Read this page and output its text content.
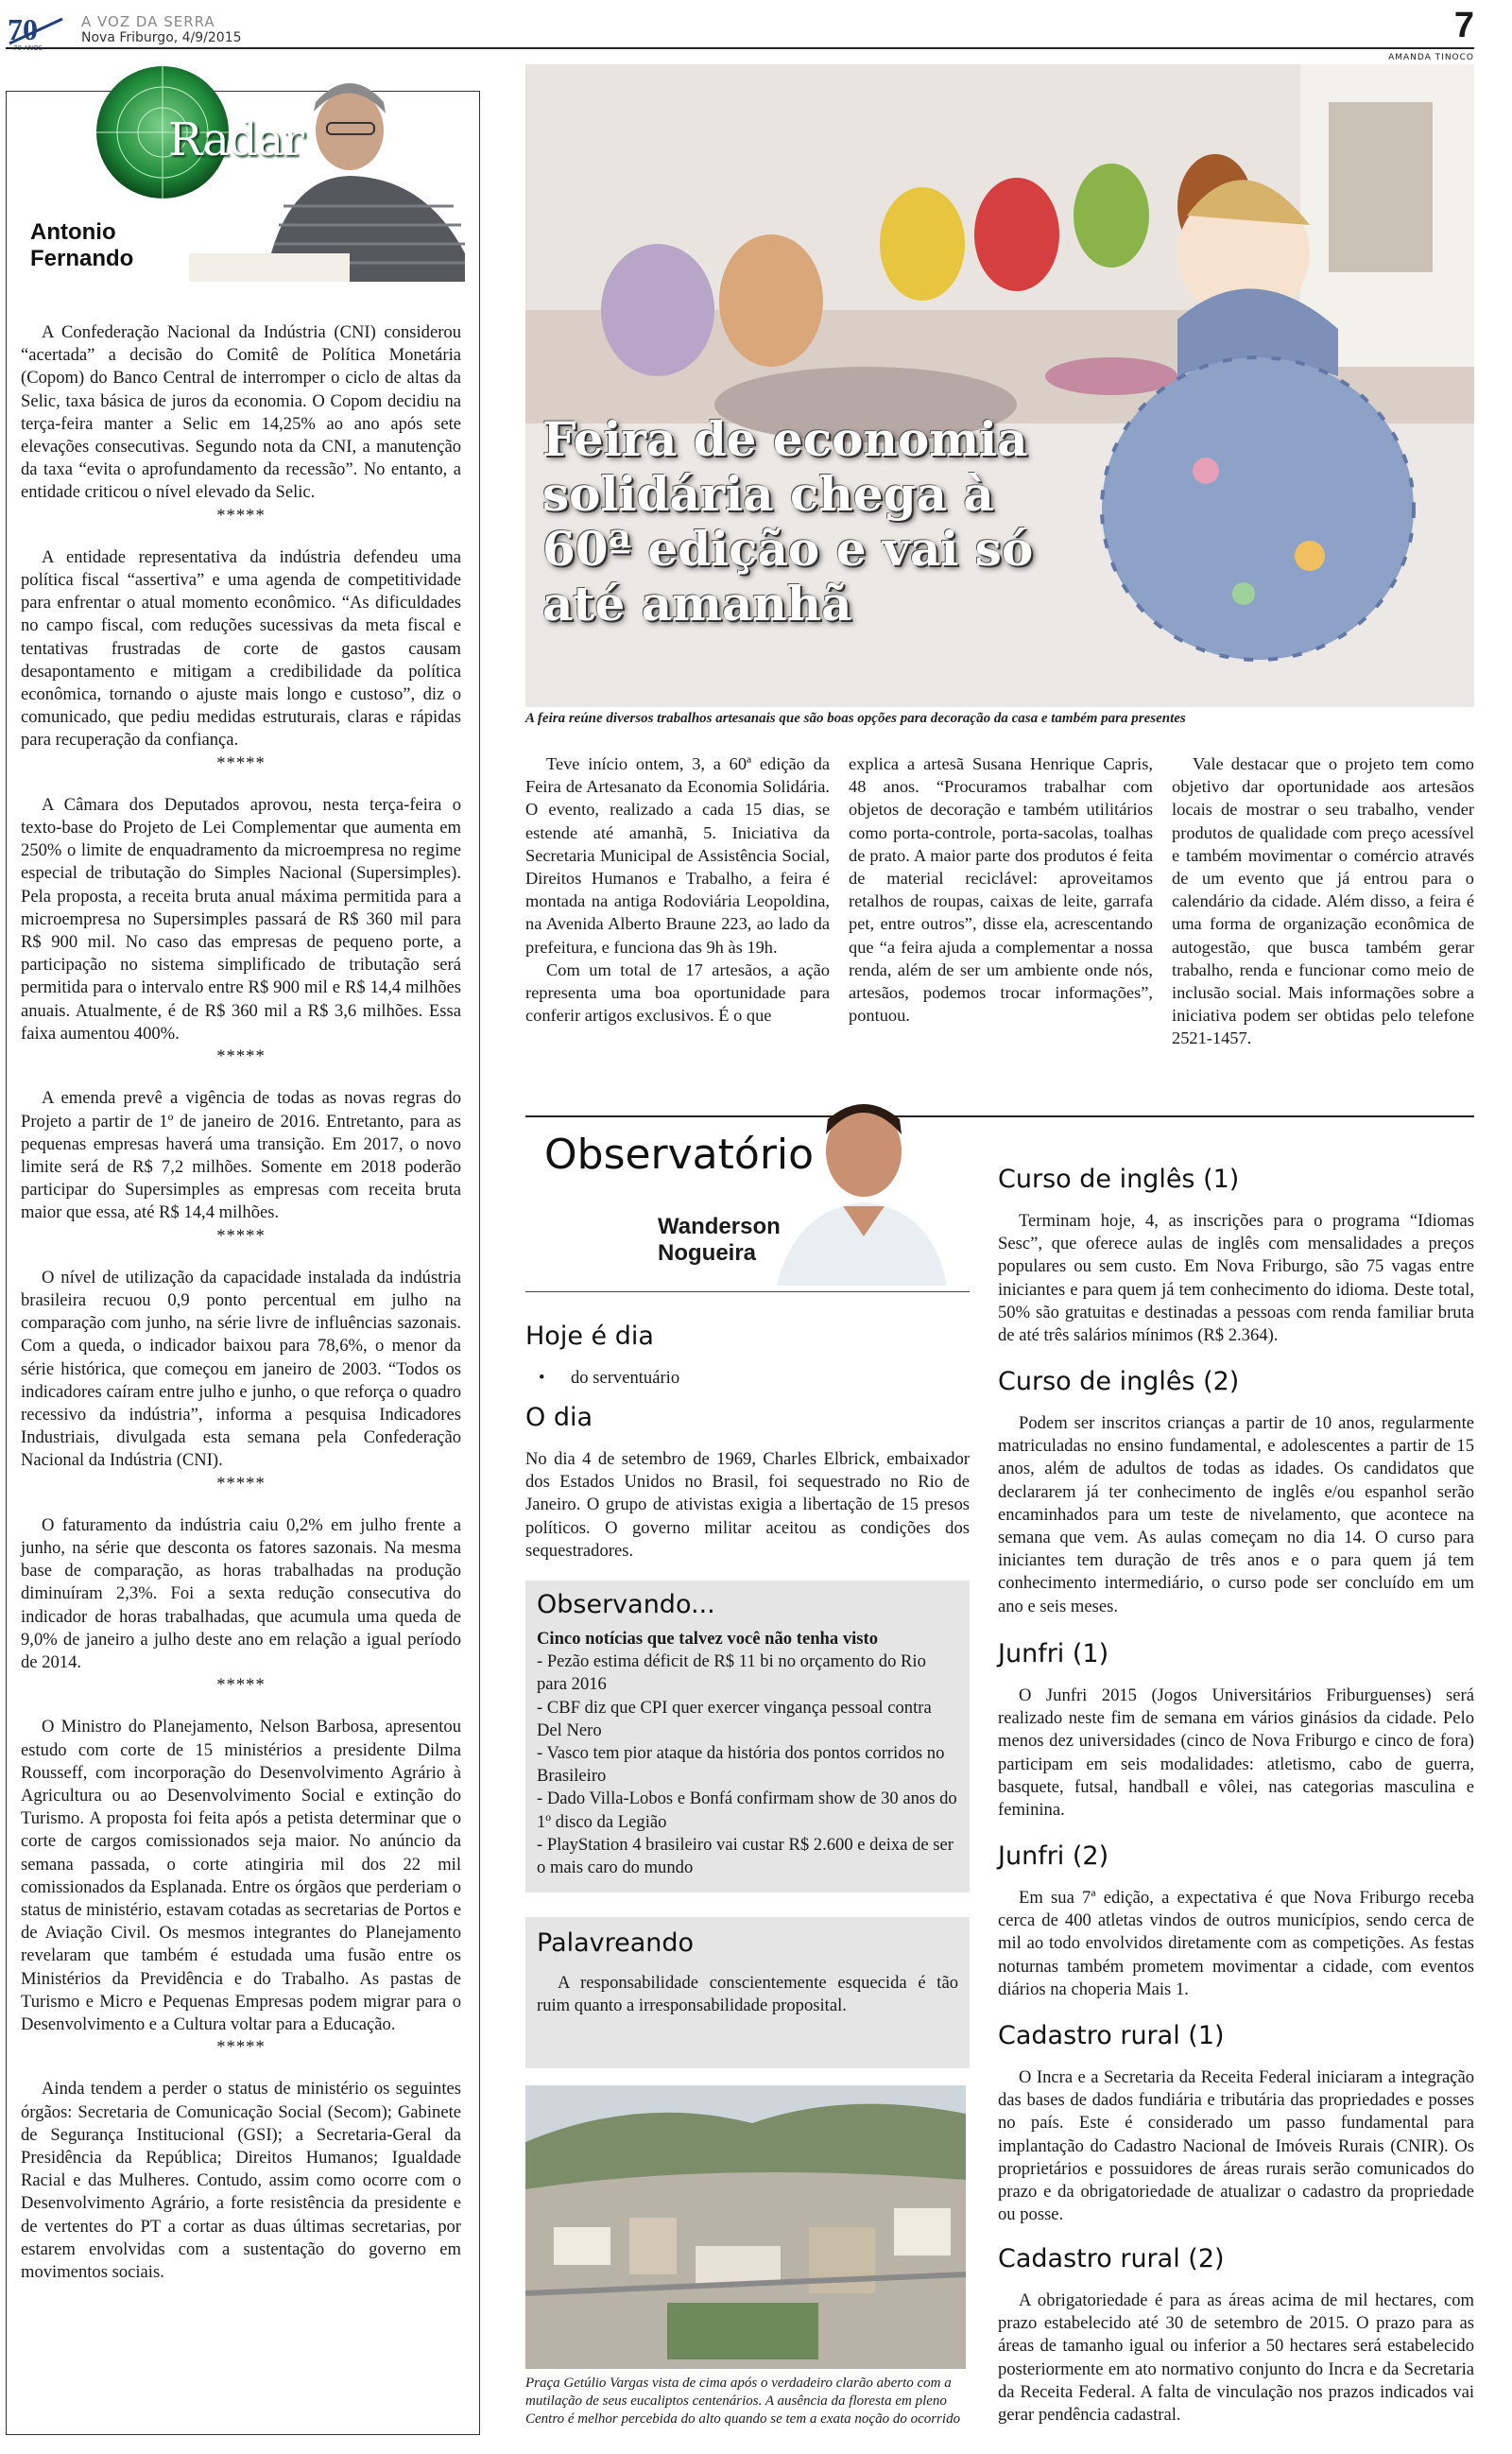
70	A VOZ DA SERRA
Nova Friburgo, 4/9/2015	7
AMANDA TINOCO
Radar
Antonio
Fernando

A Confederação Nacional da Indústria (CNI) considerou “acertada” a decisão do Comitê de Política Monetária (Copom) do Banco Central de interromper o ciclo de altas da Selic, taxa básica de juros da economia. O Copom decidiu na terça-feira manter a Selic em 14,25% ao ano após sete elevações consecutivas. Segundo nota da CNI, a manutenção da taxa “evita o aprofundamento da recessão”. No entanto, a entidade criticou o nível elevado da Selic.

*****

A entidade representativa da indústria defendeu uma política fiscal “assertiva” e uma agenda de competitividade para enfrentar o atual momento econômico. “As dificuldades no campo fiscal, com reduções sucessivas da meta fiscal e tentativas frustradas de corte de gastos causam desapontamento e mitigam a credibilidade da política econômica, tornando o ajuste mais longo e custoso”, diz o comunicado, que pediu medidas estruturais, claras e rápidas para recuperação da confiança.

*****

A Câmara dos Deputados aprovou, nesta terça-feira o texto-base do Projeto de Lei Complementar que aumenta em 250% o limite de enquadramento da microempresa no regime especial de tributação do Simples Nacional (Supersimples). Pela proposta, a receita bruta anual máxima permitida para a microempresa no Supersimples passará de R$ 360 mil para R$ 900 mil. No caso das empresas de pequeno porte, a participação no sistema simplificado de tributação será permitida para o intervalo entre R$ 900 mil e R$ 14,4 milhões anuais. Atualmente, é de R$ 360 mil a R$ 3,6 milhões. Essa faixa aumentou 400%.

*****

A emenda prevê a vigência de todas as novas regras do Projeto a partir de 1º de janeiro de 2016. Entretanto, para as pequenas empresas haverá uma transição. Em 2017, o novo limite será de R$ 7,2 milhões. Somente em 2018 poderão participar do Supersimples as empresas com receita bruta maior que essa, até R$ 14,4 milhões.

*****

O nível de utilização da capacidade instalada da indústria brasileira recuou 0,9 ponto percentual em julho na comparação com junho, na série livre de influências sazonais. Com a queda, o indicador baixou para 78,6%, o menor da série histórica, que começou em janeiro de 2003. “Todos os indicadores caíram entre julho e junho, o que reforça o quadro recessivo da indústria”, informa a pesquisa Indicadores Industriais, divulgada esta semana pela Confederação Nacional da Indústria (CNI).

*****

O faturamento da indústria caiu 0,2% em julho frente a junho, na série que desconta os fatores sazonais. Na mesma base de comparação, as horas trabalhadas na produção diminuíram 2,3%. Foi a sexta redução consecutiva do indicador de horas trabalhadas, que acumula uma queda de 9,0% de janeiro a julho deste ano em relação a igual período de 2014.

*****

O Ministro do Planejamento, Nelson Barbosa, apresentou estudo com corte de 15 ministérios a presidente Dilma Rousseff, com incorporação do Desenvolvimento Agrário à Agricultura ou ao Desenvolvimento Social e extinção do Turismo. A proposta foi feita após a petista determinar que o corte de cargos comissionados seja maior. No anúncio da semana passada, o corte atingiria mil dos 22 mil comissionados da Esplanada. Entre os órgãos que perderiam o status de ministério, estavam cotadas as secretarias de Portos e de Aviação Civil. Os mesmos integrantes do Planejamento revelaram que também é estudada uma fusão entre os Ministérios da Previdência e do Trabalho. As pastas de Turismo e Micro e Pequenas Empresas podem migrar para o Desenvolvimento e a Cultura voltar para a Educação.

*****

Ainda tendem a perder o status de ministério os seguintes órgãos: Secretaria de Comunicação Social (Secom); Gabinete de Segurança Institucional (GSI); a Secretaria-Geral da Presidência da República; Direitos Humanos; Igualdade Racial e das Mulheres. Contudo, assim como ocorre com o Desenvolvimento Agrário, a forte resistência da presidente e de vertentes do PT a cortar as duas últimas secretarias, por estarem envolvidas com a sustentação do governo em movimentos sociais.

Feira de economia solidária chega à 60ª edição e vai só até amanhã
A feira reúne diversos trabalhos artesanais que são boas opções para decoração da casa e também para presentes

Teve início ontem, 3, a 60ª edição da Feira de Artesanato da Economia Solidária. O evento, realizado a cada 15 dias, se estende até amanhã, 5. Iniciativa da Secretaria Municipal de Assistência Social, Direitos Humanos e Trabalho, a feira é montada na antiga Rodoviária Leopoldina, na Avenida Alberto Braune 223, ao lado da prefeitura, e funciona das 9h às 19h.

Com um total de 17 artesãos, a ação representa uma boa oportunidade para conferir artigos exclusivos. É o que

explica a artesã Susana Henrique Capris, 48 anos. “Procuramos trabalhar com objetos de decoração e também utilitários como porta-controle, porta-sacolas, toalhas de prato. A maior parte dos produtos é feita de material reciclável: aproveitamos retalhos de roupas, caixas de leite, garrafa pet, entre outros”, disse ela, acrescentando que “a feira ajuda a complementar a nossa renda, além de ser um ambiente onde nós, artesãos, podemos trocar informações”, pontuou.

Vale destacar que o projeto tem como objetivo dar oportunidade aos artesãos locais de mostrar o seu trabalho, vender produtos de qualidade com preço acessível e também movimentar o comércio através de um evento que já entrou para o calendário da cidade. Além disso, a feira é uma forma de organização econômica de autogestão, que busca também gerar trabalho, renda e funcionar como meio de inclusão social. Mais informações sobre a iniciativa podem ser obtidas pelo telefone 2521-1457.

Observatório
Wanderson
Nogueira
Hoje é dia
• do serventuário
O dia

No dia 4 de setembro de 1969, Charles Elbrick, embaixador dos Estados Unidos no Brasil, foi sequestrado no Rio de Janeiro. O grupo de ativistas exigia a libertação de 15 presos políticos. O governo militar aceitou as condições dos sequestradores.

Observando...

Cinco notícias que talvez você não tenha visto

- Pezão estima déficit de R$ 11 bi no orçamento do Rio para 2016

- CBF diz que CPI quer exercer vingança pessoal contra Del Nero

- Vasco tem pior ataque da história dos pontos corridos no Brasileiro

- Dado Villa-Lobos e Bonfá confirmam show de 30 anos do 1º disco da Legião

- PlayStation 4 brasileiro vai custar R$ 2.600 e deixa de ser o mais caro do mundo

Palavreando

A responsabilidade conscientemente esquecida é tão ruim quanto a irresponsabilidade proposital.

Praça Getúlio Vargas vista de cima após o verdadeiro clarão aberto com a mutilação de seus eucaliptos centenários. A ausência da floresta em pleno Centro é melhor percebida do alto quando se tem a exata noção do ocorrido
Curso de inglês (1)

Terminam hoje, 4, as inscrições para o programa “Idiomas Sesc”, que oferece aulas de inglês com mensalidades a preços populares ou sem custo. Em Nova Friburgo, são 75 vagas entre iniciantes e para quem já tem conhecimento do idioma. Deste total, 50% são gratuitas e destinadas a pessoas com renda familiar bruta de até três salários mínimos (R$ 2.364).

Curso de inglês (2)

Podem ser inscritos crianças a partir de 10 anos, regularmente matriculadas no ensino fundamental, e adolescentes a partir de 15 anos, além de adultos de todas as idades. Os candidatos que declararem já ter conhecimento de inglês e/ou espanhol serão encaminhados para um teste de nivelamento, que acontece na semana que vem. As aulas começam no dia 14. O curso para iniciantes tem duração de três anos e o para quem já tem conhecimento intermediário, o curso pode ser concluído em um ano e seis meses.

Junfri (1)

O Junfri 2015 (Jogos Universitários Friburguenses) será realizado neste fim de semana em vários ginásios da cidade. Pelo menos dez universidades (cinco de Nova Friburgo e cinco de fora) participam em seis modalidades: atletismo, cabo de guerra, basquete, futsal, handball e vôlei, nas categorias masculina e feminina.

Junfri (2)

Em sua 7ª edição, a expectativa é que Nova Friburgo receba cerca de 400 atletas vindos de outros municípios, sendo cerca de mil ao todo envolvidos diretamente com as competições. As festas noturnas também prometem movimentar a cidade, com eventos diários na choperia Mais 1.

Cadastro rural (1)

O Incra e a Secretaria da Receita Federal iniciaram a integração das bases de dados fundiária e tributária das propriedades e posses no país. Este é considerado um passo fundamental para implantação do Cadastro Nacional de Imóveis Rurais (CNIR). Os proprietários e possuidores de áreas rurais serão comunicados do prazo e da obrigatoriedade de atualizar o cadastro da propriedade ou posse.

Cadastro rural (2)

A obrigatoriedade é para as áreas acima de mil hectares, com prazo estabelecido até 30 de setembro de 2015. O prazo para as áreas de tamanho igual ou inferior a 50 hectares será estabelecido posteriormente em ato normativo conjunto do Incra e da Secretaria da Receita Federal. A falta de vinculação nos prazos indicados vai gerar pendência cadastral.
